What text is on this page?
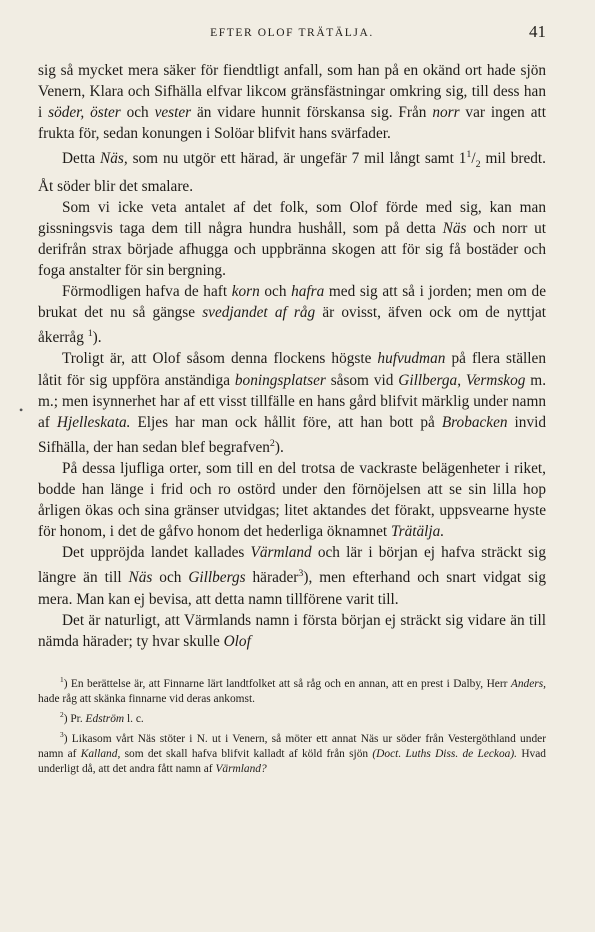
EFTER OLOF TRÄTÄLJA.	41

sig så mycket mera säker för fiendtligt anfall, som han på en okänd ort hade sjön Venern, Klara och Sifhälla elfvar likсом gränsfästningar omkring sig, till dess han i söder, öster och vester än vidare hunnit förskansa sig. Från norr var ingen att frukta för, sedan konungen i Solöar blifvit hans svärfader.

Detta Näs, som nu utgör ett härad, är ungefär 7 mil långt samt $1^1/_2$ mil bredt. Åt söder blir det smalare.

Som vi icke veta antalet af det folk, som Olof förde med sig, kan man gissningsvis taga dem till några hundra hushåll, som på detta Näs och norr ut derifrån strax började afhugga och uppbränna skogen att för sig få bostäder och foga anstalter för sin bergning.

Förmodligen hafva de haft korn och hafra med sig att så i jorden; men om de brukat det nu så gängse svedjandet af råg är ovisst, äfven ock om de nyttjat åkerråg $^1$).

Troligt är, att Olof såsom denna flockens högste hufvudman på flera ställen låtit för sig uppföra anständiga boningsplatser såsom vid Gillberga, Vermskog m. m.; men isynnerhet har af ett visst tillfälle en hans gård blifvit märklig under namn af Hjelleskata. Eljes har man ock hållit före, att han bott på Brobacken invid Sifhälla, der han sedan blef begrafven$^2$).

På dessa ljufliga orter, som till en del trotsa de vackraste belägenheter i riket, bodde han länge i frid och ro ostörd under den förnöjelsen att se sin lilla hop årligen ökas och sina gränser utvidgas; litet aktandes det förakt, uppsvearne hyste för honom, i det de gåfvo honom det hederliga öknamnet Trätälja.

Det uppröjda landet kallades Värmland och lär i början ej hafva sträckt sig längre än till Näs och Gillbergs härader$^3$), men efterhand och snart vidgat sig mera. Man kan ej bevisa, att detta namn tillförene varit till.

Det är naturligt, att Värmlands namn i första början ej sträckt sig vidare än till nämda härader; ty hvar skulle Olof

$^1$) En berättelse är, att Finnarne lärt landtfolket att så råg och en annan, att en prest i Dalby, Herr Anders, hade råg att skänka finnarne vid deras ankomst.

$^2$) Pr. Edström l. c.

$^3$) Likasom vårt Näs stöter i N. ut i Venern, så möter ett annat Näs ur söder från Vestergöthland under namn af Kalland, som det skall hafva blifvit kalladt af köld från sjön (Doct. Luths Diss. de Leckoa). Hvad underligt då, att det andra fått namn af Värmland?

•
